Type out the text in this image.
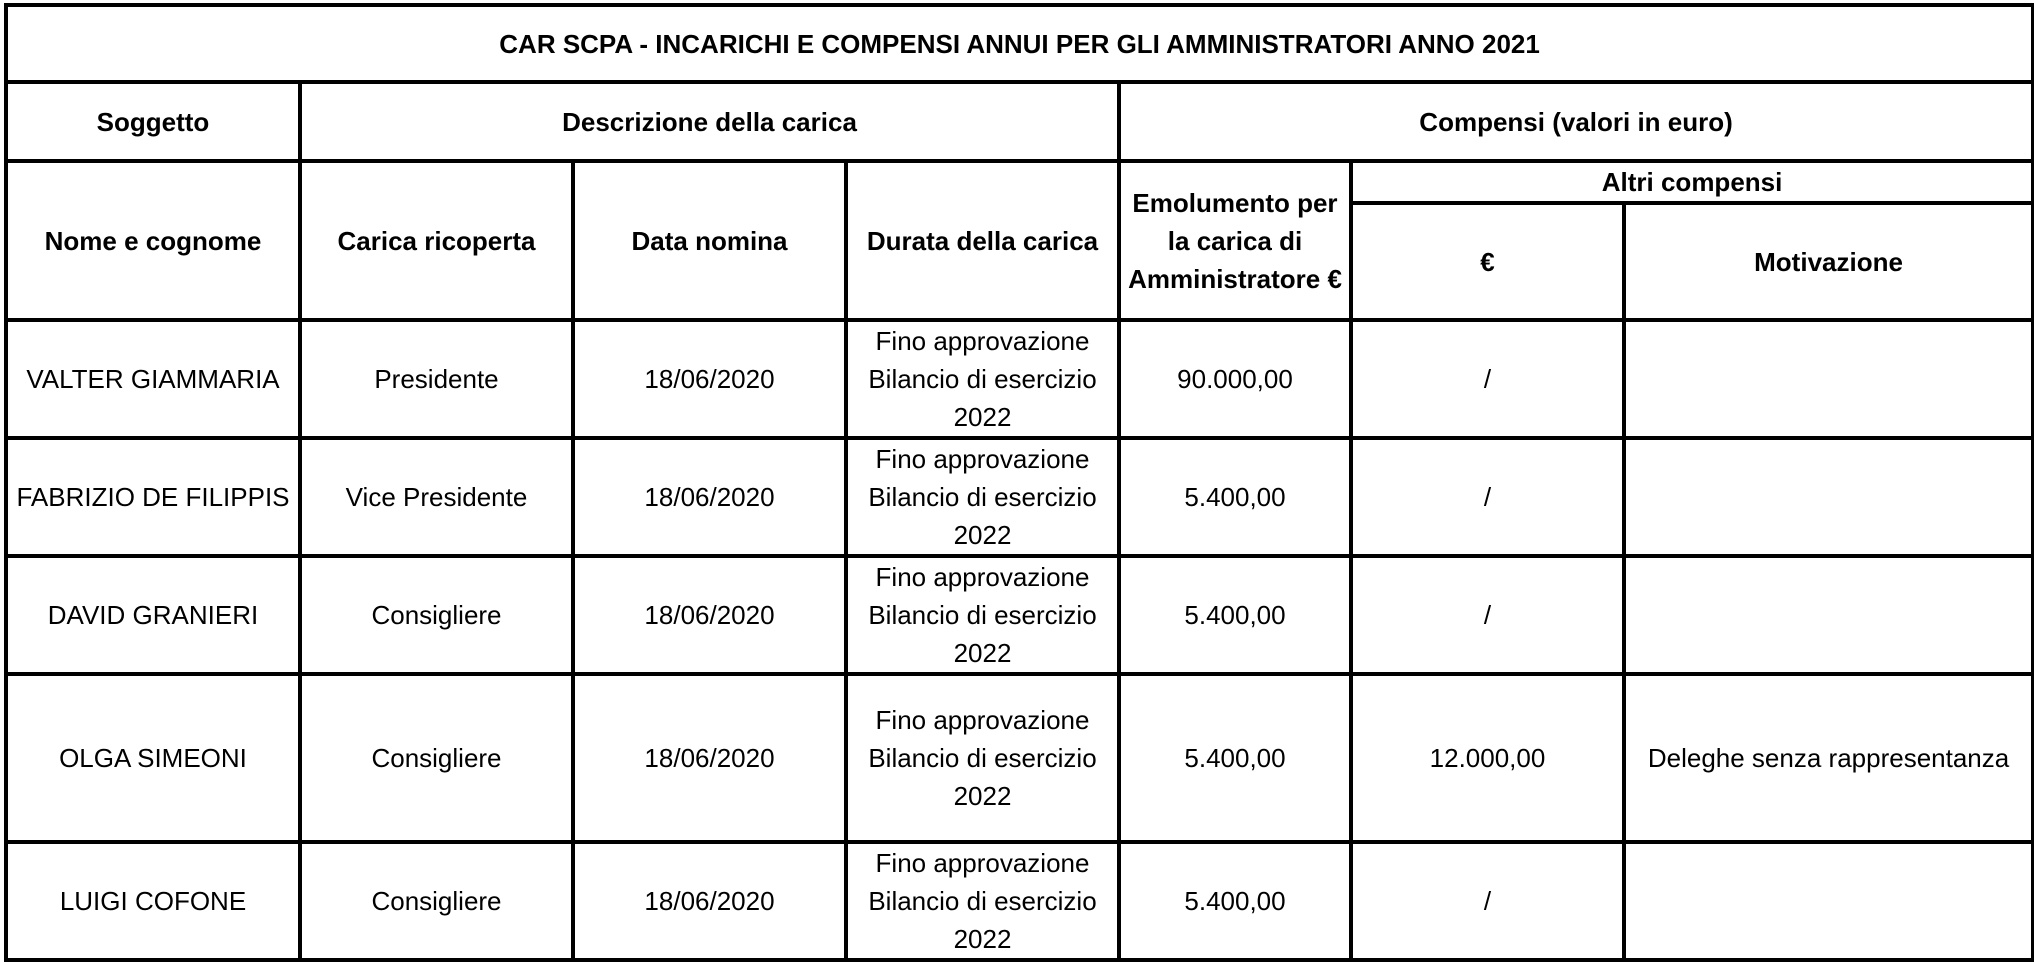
CAR SCPA - INCARICHI E COMPENSI ANNUI PER GLI AMMINISTRATORI ANNO 2021						
Soggetto	Descrizione della carica			Compensi (valori in euro)		
Nome e cognome	Carica ricoperta	Data nomina	Durata della carica	Emolumento per
la carica di
Amministratore €	Altri compensi	
					€	Motivazione
VALTER GIAMMARIA	Presidente	18/06/2020	Fino approvazione
Bilancio di esercizio
2022	90.000,00	/	
FABRIZIO DE FILIPPIS	Vice Presidente	18/06/2020	Fino approvazione
Bilancio di esercizio
2022	5.400,00	/	
DAVID GRANIERI	Consigliere	18/06/2020	Fino approvazione
Bilancio di esercizio
2022	5.400,00	/	
OLGA SIMEONI	Consigliere	18/06/2020	Fino approvazione
Bilancio di esercizio
2022	5.400,00	12.000,00	Deleghe senza rappresentanza
LUIGI COFONE	Consigliere	18/06/2020	Fino approvazione
Bilancio di esercizio
2022	5.400,00	/	
